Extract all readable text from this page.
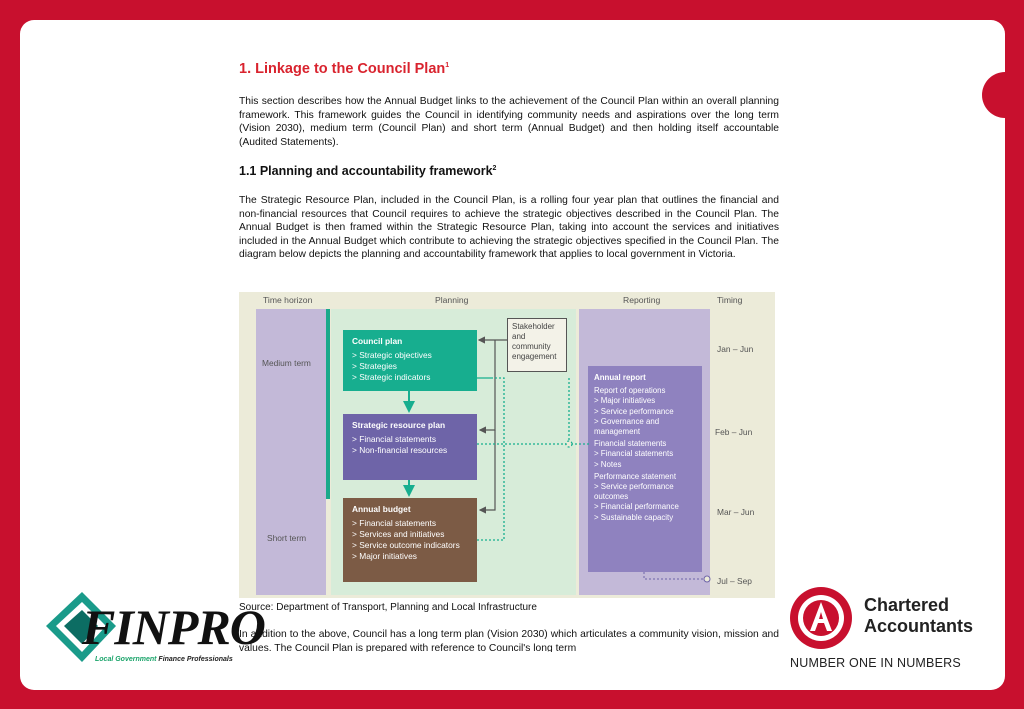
1. Linkage to the Council Plan$^1$

This section describes how the Annual Budget links to the achievement of the Council Plan within an overall planning framework. This framework guides the Council in identifying community needs and aspirations over the long term (Vision 2030), medium term (Council Plan) and short term (Annual Budget) and then holding itself accountable (Audited Statements).

1.1 Planning and accountability framework$^2$

The Strategic Resource Plan, included in the Council Plan, is a rolling four year plan that outlines the financial and non-financial resources that Council requires to achieve the strategic objectives described in the Council Plan. The Annual Budget is then framed within the Strategic Resource Plan, taking into account the services and initiatives included in the Annual Budget which contribute to achieving the strategic objectives specified in the Council Plan. The diagram below depicts the planning and accountability framework that applies to local government in Victoria.

Time horizon	Planning	Reporting	Timing
Medium term
Short term
Stakeholder and community engagement
Council plan
> Strategic objectives
> Strategies
> Strategic indicators
Strategic resource plan
> Financial statements
> Non-financial resources
Annual budget
> Financial statements
> Services and initiatives
> Service outcome indicators
> Major initiatives
Annual report
Report of operations
> Major initiatives
> Service performance
> Governance and management
Financial statements
> Financial statements
> Notes
Performance statement
> Service performance outcomes
> Financial performance
> Sustainable capacity
Jan – Jun
Feb – Jun
Mar – Jun
Jul – Sep
Source: Department of Transport, Planning and Local Infrastructure

In addition to the above, Council has a long term plan (Vision 2030) which articulates a community vision, mission and values. The Council Plan is prepared with reference to Council's long term

FINPRO
Local Government Finance Professionals
Chartered
Accountants
NUMBER ONE IN NUMBERS
